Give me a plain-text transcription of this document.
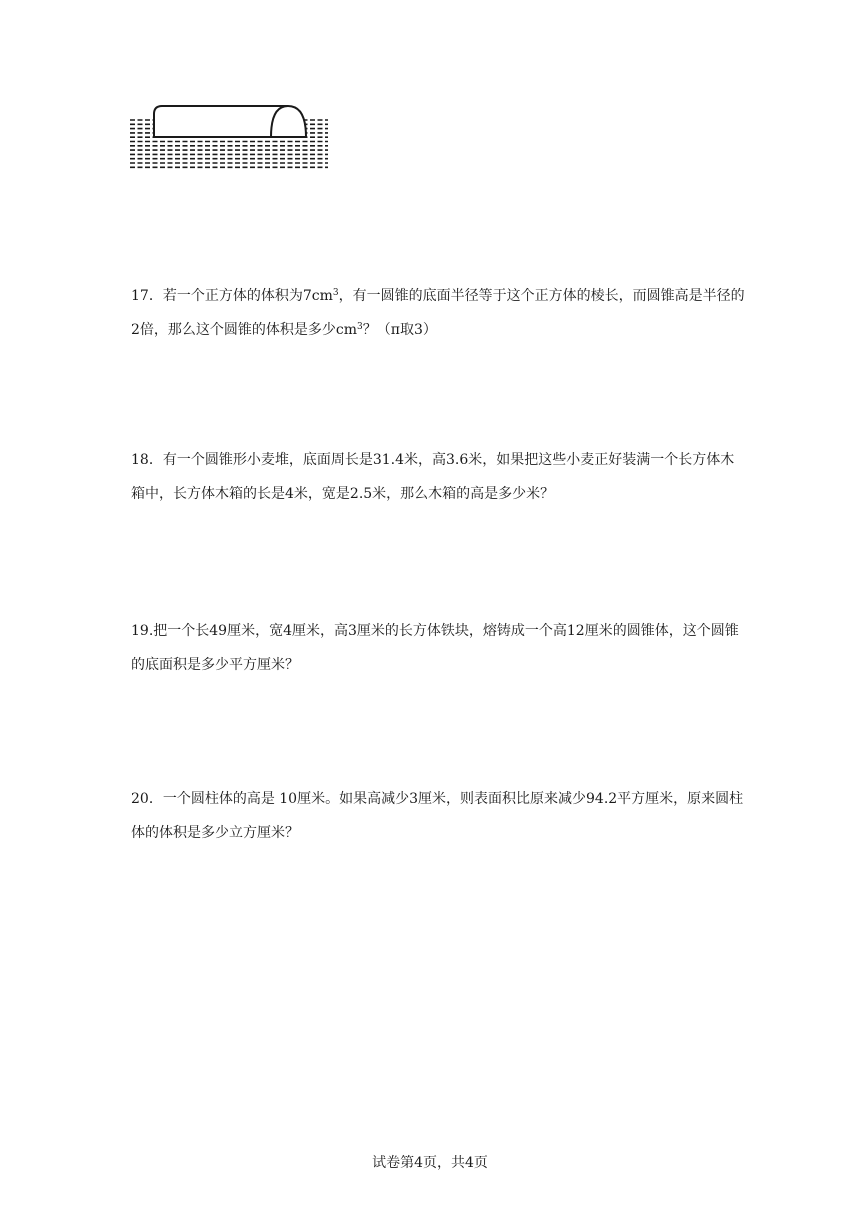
17．若一个正方体的体积为$7cm^3$，有一圆锥的底面半径等于这个正方体的棱长，而圆锥高是半径的2倍，那么这个圆锥的体积是多少$cm^3$？（π取3）

18．有一个圆锥形小麦堆，底面周长是31.4米，高3.6米，如果把这些小麦正好装满一个长方体木箱中，长方体木箱的长是4米，宽是2.5米，那么木箱的高是多少米？

19.把一个长49厘米，宽4厘米，高3厘米的长方体铁块，熔铸成一个高12厘米的圆锥体，这个圆锥的底面积是多少平方厘米？

20．一个圆柱体的高是 10厘米。如果高减少3厘米，则表面积比原来减少94.2平方厘米，原来圆柱体的体积是多少立方厘米？

试卷第4页，共4页
